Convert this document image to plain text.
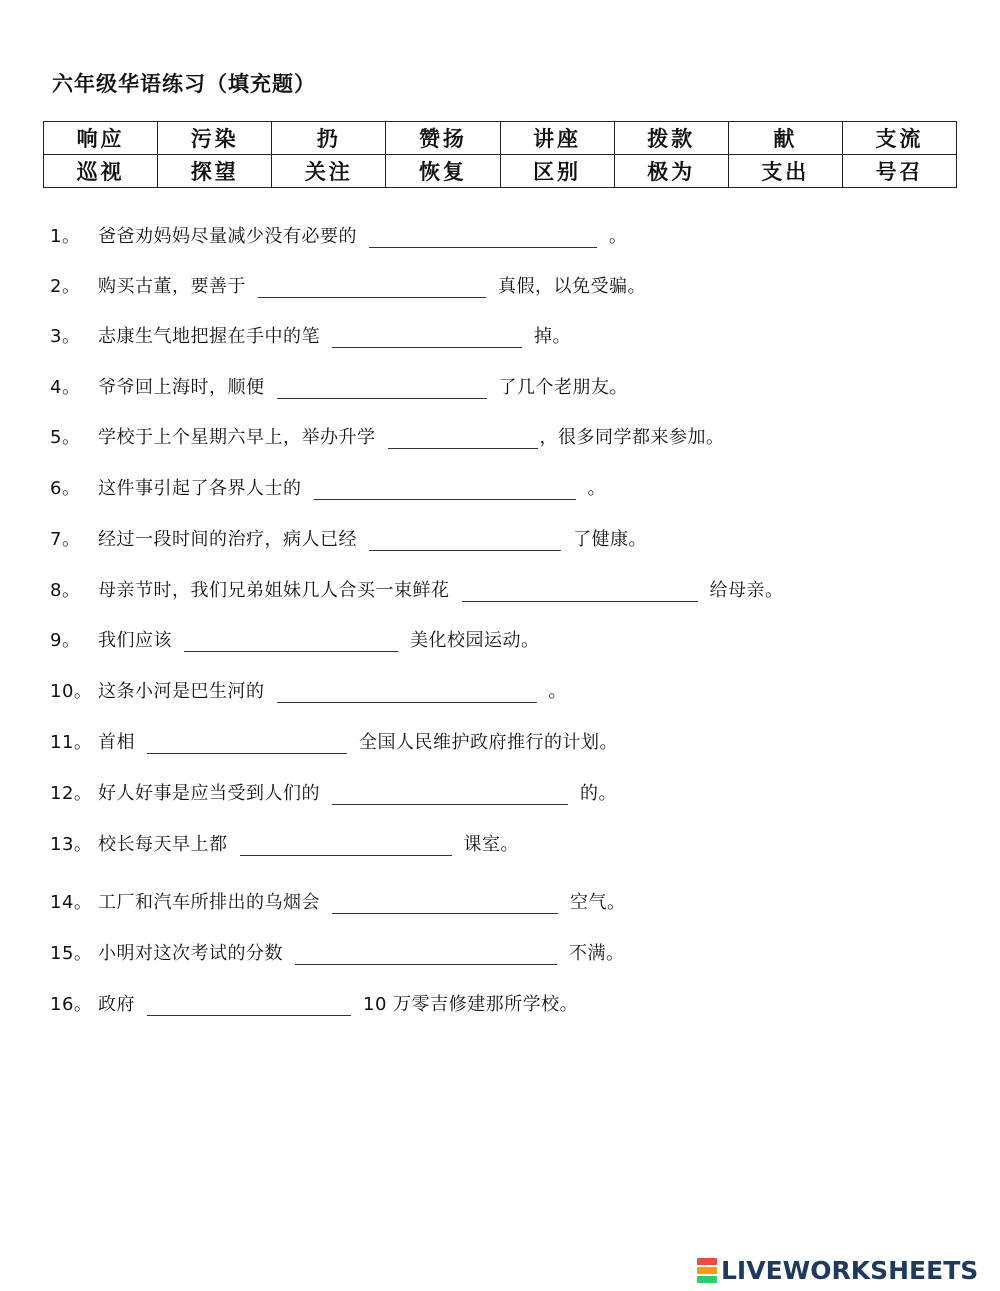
六年级华语练习（填充题）
响应	污染	扔	赞扬	讲座	拨款	献	支流
巡视	探望	关注	恢复	区别	极为	支出	号召
1。 爸爸劝妈妈尽量减少没有必要的	。
2。 购买古董，要善于	真假，以免受骗。
3。 志康生气地把握在手中的笔	掉。
4。 爷爷回上海时，顺便	了几个老朋友。
5。 学校于上个星期六早上，举办升学	，很多同学都来参加。
6。 这件事引起了各界人士的	。
7。 经过一段时间的治疗，病人已经	了健康。
8。 母亲节时，我们兄弟姐妹几人合买一束鲜花	给母亲。
9。 我们应该	美化校园运动。
10。 这条小河是巴生河的	。
11。 首相	全国人民维护政府推行的计划。
12。 好人好事是应当受到人们的	的。
13。 校长每天早上都	课室。
14。 工厂和汽车所排出的乌烟会	空气。
15。 小明对这次考试的分数	不满。
16。 政府	10 万零吉修建那所学校。
LIVEWORKSHEETS
